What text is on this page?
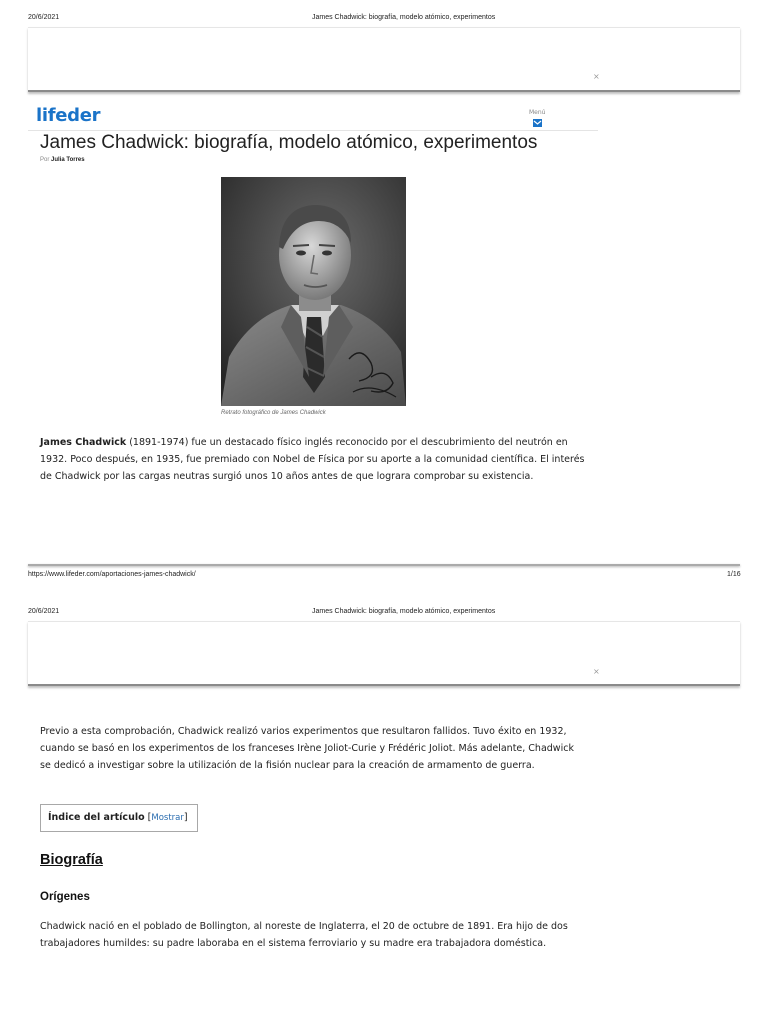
20/6/2021	James Chadwick: biografía, modelo atómico, experimentos
×
lifeder	Menú
James Chadwick: biografía, modelo atómico, experimentos
Por Julia Torres
Retrato fotográfico de James Chadwick

James Chadwick (1891-1974) fue un destacado físico inglés reconocido por el descubrimiento del neutrón en 1932. Poco después, en 1935, fue premiado con Nobel de Física por su aporte a la comunidad científica. El interés de Chadwick por las cargas neutras surgió unos 10 años antes de que lograra comprobar su existencia.

https://www.lifeder.com/aportaciones-james-chadwick/	1/16
20/6/2021	James Chadwick: biografía, modelo atómico, experimentos
×

Previo a esta comprobación, Chadwick realizó varios experimentos que resultaron fallidos. Tuvo éxito en 1932, cuando se basó en los experimentos de los franceses Irène Joliot-Curie y Frédéric Joliot. Más adelante, Chadwick se dedicó a investigar sobre la utilización de la fisión nuclear para la creación de armamento de guerra.

Índice del artículo [Mostrar]
Biografía
Orígenes

Chadwick nació en el poblado de Bollington, al noreste de Inglaterra, el 20 de octubre de 1891. Era hijo de dos trabajadores humildes: su padre laboraba en el sistema ferroviario y su madre era trabajadora doméstica.
